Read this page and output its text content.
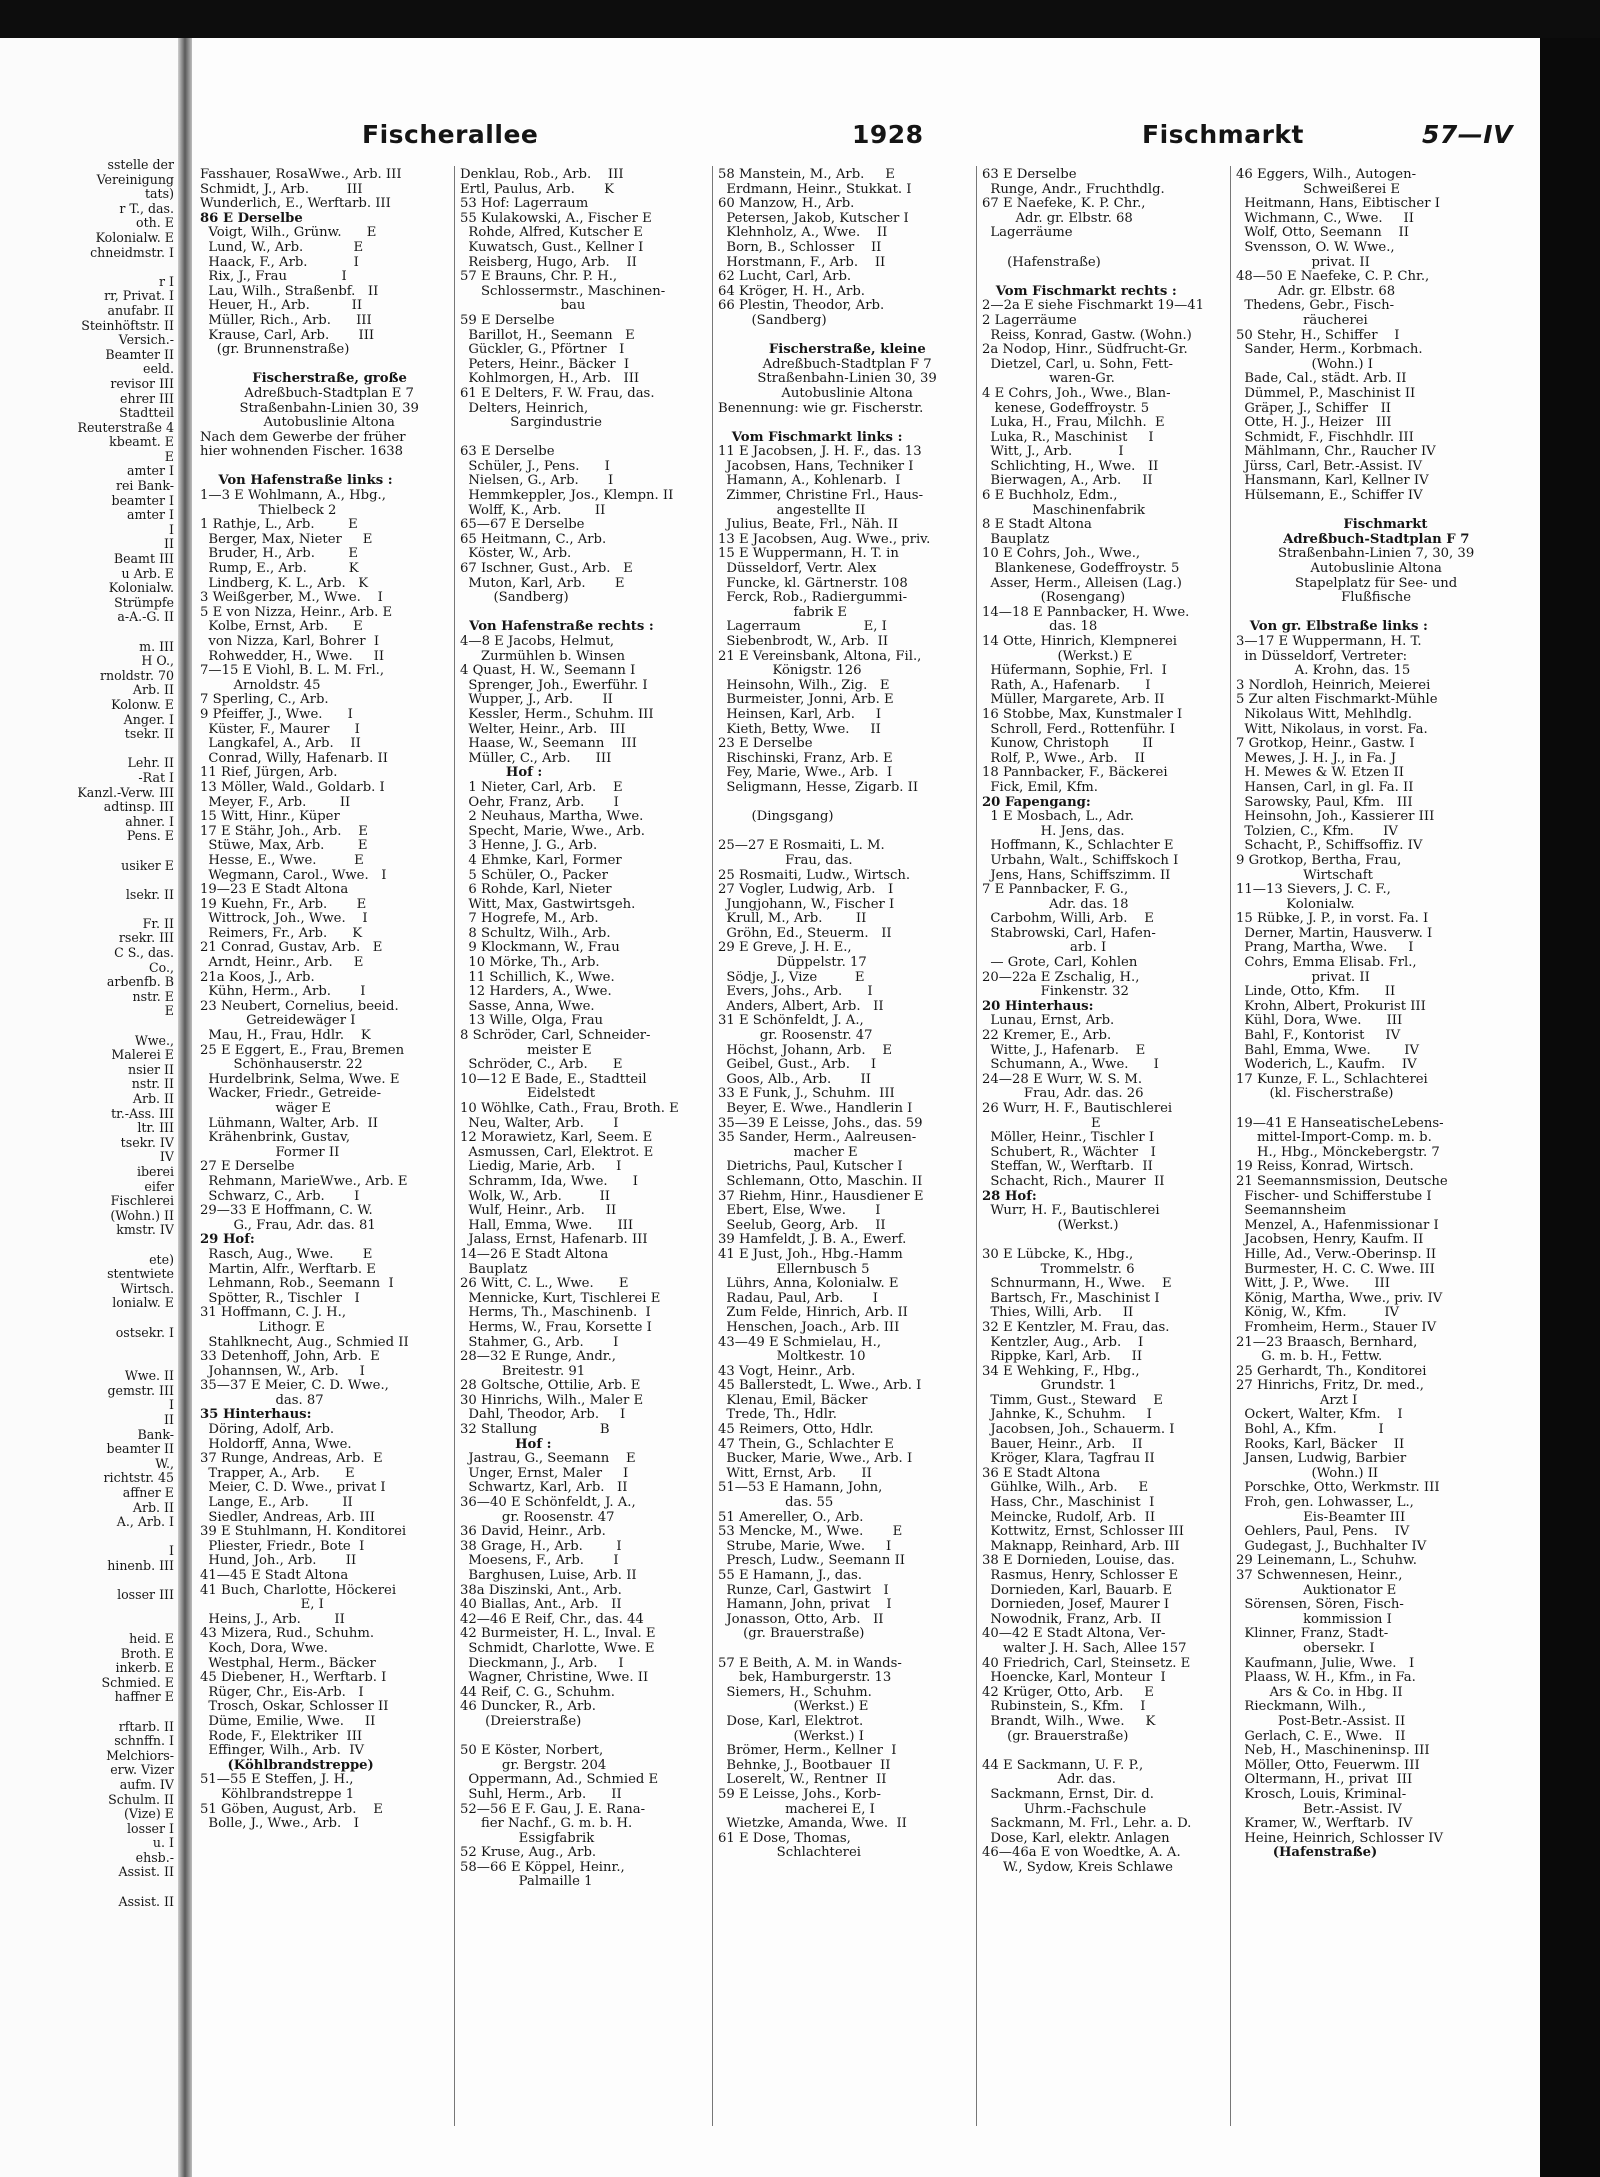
sstelle der
Vereinigung
tats)
r T., das.
oth. E
Kolonialw. E
chneidmstr. I
r I
rr, Privat. I
anufabr. II
Steinhöftstr. II
Versich.-
Beamter II
eeld.
revisor III
ehrer III
Stadtteil
Reuterstraße 4
kbeamt. E
E
amter I
rei Bank-
beamter I
amter I
I
II
Beamt III
u Arb. E
Kolonialw.
Strümpfe
a-A.-G. II
m. III
H O.,
rnoldstr. 70
Arb. II
Kolonw. E
Anger. I
tsekr. II
Lehr. II
-Rat I
Kanzl.-Verw. III
adtinsp. III
ahner. I
Pens. E
usiker E
lsekr. II
Fr. II
rsekr. III
C S., das.
Co.,
arbenfb. B
nstr. E
E
Wwe.,
Malerei E
nsier II
nstr. II
Arb. II
tr.-Ass. III
ltr. III
tsekr. IV
IV
iberei
eifer
Fischlerei
(Wohn.) II
kmstr. IV
ete)
stentwiete
Wirtsch.
lonialw. E
ostsekr. I
Wwe. II
gemstr. III
I
II
Bank-
beamter II
W.,
richtstr. 45
affner E
Arb. II
A., Arb. I
I
hinenb. III
losser III
heid. E
Broth. E
inkerb. E
Schmied. E
haffner E
rftarb. II
schnffn. I
Melchiors-
erw. Vizer
aufm. IV
Schulm. II
(Vize) E
losser I
u. I
ehsb.-
Assist. II
Assist. II
Fischerallee	1928	Fischmarkt	57—IV
Fasshauer, RosaWwe., Arb. III
Schmidt, J., Arb.         III
Wunderlich, E., Werftarb. III
86 E Derselbe
Voigt, Wilh., Grünw.      E
Lund, W., Arb.            E
Haack, F., Arb.           I
Rix, J., Frau             I
Lau, Wilh., Straßenbf.   II
Heuer, H., Arb.          II
Müller, Rich., Arb.      III
Krause, Carl, Arb.       III
(gr. Brunnenstraße)
Fischerstraße, große
Adreßbuch-Stadtplan E 7
Straßenbahn-Linien 30, 39
Autobuslinie Altona
Nach dem Gewerbe der früher
hier wohnenden Fischer. 1638
Von Hafenstraße links :
1—3 E Wohlmann, A., Hbg.,
Thielbeck 2
1 Rathje, L., Arb.        E
Berger, Max, Nieter     E
Bruder, H., Arb.        E
Rump, E., Arb.          K
Lindberg, K. L., Arb.   K
3 Weißgerber, M., Wwe.    I
5 E von Nizza, Heinr., Arb. E
Kolbe, Ernst, Arb.      E
von Nizza, Karl, Bohrer  I
Rohwedder, H., Wwe.     II
7—15 E Viohl, B. L. M. Frl.,
Arnoldstr. 45
7 Sperling, C., Arb.
9 Pfeiffer, J., Wwe.      I
Küster, F., Maurer      I
Langkafel, A., Arb.    II
Conrad, Willy, Hafenarb. II
11 Rief, Jürgen, Arb.
13 Möller, Wald., Goldarb. I
Meyer, F., Arb.        II
15 Witt, Hinr., Küper
17 E Stähr, Joh., Arb.    E
Stüwe, Max, Arb.        E
Hesse, E., Wwe.         E
Wegmann, Carol., Wwe.   I
19—23 E Stadt Altona
19 Kuehn, Fr., Arb.       E
Wittrock, Joh., Wwe.    I
Reimers, Fr., Arb.      K
21 Conrad, Gustav, Arb.   E
Arndt, Heinr., Arb.     E
21a Koos, J., Arb.
Kühn, Herm., Arb.       I
23 Neubert, Cornelius, beeid.
Getreidewäger I
Mau, H., Frau, Hdlr.    K
25 E Eggert, E., Frau, Bremen
Schönhauserstr. 22
Hurdelbrink, Selma, Wwe. E
Wacker, Friedr., Getreide-
wäger E
Lühmann, Walter, Arb.  II
Krähenbrink, Gustav,
Former II
27 E Derselbe
Rehmann, MarieWwe., Arb. E
Schwarz, C., Arb.       I
29—33 E Hoffmann, C. W.
G., Frau, Adr. das. 81
29 Hof:
Rasch, Aug., Wwe.       E
Martin, Alfr., Werftarb. E
Lehmann, Rob., Seemann  I
Spötter, R., Tischler   I
31 Hoffmann, C. J. H.,
Lithogr. E
Stahlknecht, Aug., Schmied II
33 Detenhoff, John, Arb.  E
Johannsen, W., Arb.     I
35—37 E Meier, C. D. Wwe.,
das. 87
35 Hinterhaus:
Döring, Adolf, Arb.
Holdorff, Anna, Wwe.
37 Runge, Andreas, Arb.  E
Trapper, A., Arb.      E
Meier, C. D. Wwe., privat I
Lange, E., Arb.        II
Siedler, Andreas, Arb. III
39 E Stuhlmann, H. Konditorei
Pliester, Friedr., Bote  I
Hund, Joh., Arb.       II
41—45 E Stadt Altona
41 Buch, Charlotte, Höckerei
E, I
Heins, J., Arb.        II
43 Mizera, Rud., Schuhm.
Koch, Dora, Wwe.
Westphal, Herm., Bäcker
45 Diebener, H., Werftarb. I
Rüger, Chr., Eis-Arb.   I
Trosch, Oskar, Schlosser II
Düme, Emilie, Wwe.     II
Rode, F., Elektriker  III
Effinger, Wilh., Arb.  IV
(Köhlbrandstreppe)
51—55 E Steffen, J. H.,
Köhlbrandstreppe 1
51 Göben, August, Arb.    E
Bolle, J., Wwe., Arb.   I
Denklau, Rob., Arb.    III
Ertl, Paulus, Arb.       K
53 Hof: Lagerraum
55 Kulakowski, A., Fischer E
Rohde, Alfred, Kutscher E
Kuwatsch, Gust., Kellner I
Reisberg, Hugo, Arb.    II
57 E Brauns, Chr. P. H.,
Schlossermstr., Maschinen-
bau
59 E Derselbe
Barillot, H., Seemann   E
Gückler, G., Pförtner   I
Peters, Heinr., Bäcker  I
Kohlmorgen, H., Arb.   III
61 E Delters, F. W. Frau, das.
Delters, Heinrich,
Sargindustrie
63 E Derselbe
Schüler, J., Pens.      I
Nielsen, G., Arb.       I
Hemmkeppler, Jos., Klempn. II
Wolff, K., Arb.        II
65—67 E Derselbe
65 Heitmann, C., Arb.
Köster, W., Arb.
67 Ischner, Gust., Arb.   E
Muton, Karl, Arb.       E
(Sandberg)
Von Hafenstraße rechts :
4—8 E Jacobs, Helmut,
Zurmühlen b. Winsen
4 Quast, H. W., Seemann I
Sprenger, Joh., Ewerführ. I
Wupper, J., Arb.       II
Kessler, Herm., Schuhm. III
Welter, Heinr., Arb.   III
Haase, W., Seemann    III
Müller, C., Arb.      III
Hof :
1 Nieter, Carl, Arb.    E
Oehr, Franz, Arb.       I
2 Neuhaus, Martha, Wwe.
Specht, Marie, Wwe., Arb.
3 Henne, J. G., Arb.
4 Ehmke, Karl, Former
5 Schüler, O., Packer
6 Rohde, Karl, Nieter
Witt, Max, Gastwirtsgeh.
7 Hogrefe, M., Arb.
8 Schultz, Wilh., Arb.
9 Klockmann, W., Frau
10 Mörke, Th., Arb.
11 Schillich, K., Wwe.
12 Harders, A., Wwe.
Sasse, Anna, Wwe.
13 Wille, Olga, Frau
8 Schröder, Carl, Schneider-
meister E
Schröder, C., Arb.      E
10—12 E Bade, E., Stadtteil
Eidelstedt
10 Wöhlke, Cath., Frau, Broth. E
Neu, Walter, Arb.       I
12 Morawietz, Karl, Seem. E
Asmussen, Carl, Elektrot. E
Liedig, Marie, Arb.     I
Schramm, Ida, Wwe.      I
Wolk, W., Arb.         II
Wulf, Heinr., Arb.     II
Hall, Emma, Wwe.      III
Jalass, Ernst, Hafenarb. III
14—26 E Stadt Altona
Bauplatz
26 Witt, C. L., Wwe.      E
Mennicke, Kurt, Tischlerei E
Herms, Th., Maschinenb.  I
Herms, W., Frau, Korsette I
Stahmer, G., Arb.       I
28—32 E Runge, Andr.,
Breitestr. 91
28 Goltsche, Ottilie, Arb. E
30 Hinrichs, Wilh., Maler E
Dahl, Theodor, Arb.     I
32 Stallung               B
Hof :
Jastrau, G., Seemann    E
Unger, Ernst, Maler     I
Schwartz, Karl, Arb.   II
36—40 E Schönfeldt, J. A.,
gr. Roosenstr. 47
36 David, Heinr., Arb.
38 Grage, H., Arb.        I
Moesens, F., Arb.       I
Barghusen, Luise, Arb. II
38a Diszinski, Ant., Arb.
40 Biallas, Ant., Arb.   II
42—46 E Reif, Chr., das. 44
42 Burmeister, H. L., Inval. E
Schmidt, Charlotte, Wwe. E
Dieckmann, J., Arb.     I
Wagner, Christine, Wwe. II
44 Reif, C. G., Schuhm.
46 Duncker, R., Arb.
(Dreierstraße)
50 E Köster, Norbert,
gr. Bergstr. 204
Oppermann, Ad., Schmied E
Suhl, Herm., Arb.      II
52—56 E F. Gau, J. E. Rana-
fier Nachf., G. m. b. H.
Essigfabrik
52 Kruse, Aug., Arb.
58—66 E Köppel, Heinr.,
Palmaille 1
58 Manstein, M., Arb.     E
Erdmann, Heinr., Stukkat. I
60 Manzow, H., Arb.
Petersen, Jakob, Kutscher I
Klehnholz, A., Wwe.    II
Born, B., Schlosser    II
Horstmann, F., Arb.    II
62 Lucht, Carl, Arb.
64 Kröger, H. H., Arb.
66 Plestin, Theodor, Arb.
(Sandberg)
Fischerstraße, kleine
Adreßbuch-Stadtplan F 7
Straßenbahn-Linien 30, 39
Autobuslinie Altona
Benennung: wie gr. Fischerstr.
Vom Fischmarkt links :
11 E Jacobsen, J. H. F., das. 13
Jacobsen, Hans, Techniker I
Hamann, A., Kohlenarb.  I
Zimmer, Christine Frl., Haus-
angestellte II
Julius, Beate, Frl., Näh. II
13 E Jacobsen, Aug. Wwe., priv.
15 E Wuppermann, H. T. in
Düsseldorf, Vertr. Alex
Funcke, kl. Gärtnerstr. 108
Ferck, Rob., Radiergummi-
fabrik E
Lagerraum               E, I
Siebenbrodt, W., Arb.  II
21 E Vereinsbank, Altona, Fil.,
Königstr. 126
Heinsohn, Wilh., Zig.   E
Burmeister, Jonni, Arb. E
Heinsen, Karl, Arb.     I
Kieth, Betty, Wwe.     II
23 E Derselbe
Rischinski, Franz, Arb. E
Fey, Marie, Wwe., Arb.  I
Seligmann, Hesse, Zigarb. II
(Dingsgang)
25—27 E Rosmaiti, L. M.
Frau, das.
25 Rosmaiti, Ludw., Wirtsch.
27 Vogler, Ludwig, Arb.   I
Jungjohann, W., Fischer I
Krull, M., Arb.        II
Gröhn, Ed., Steuerm.   II
29 E Greve, J. H. E.,
Düppelstr. 17
Södje, J., Vize         E
Evers, Johs., Arb.      I
Anders, Albert, Arb.   II
31 E Schönfeldt, J. A.,
gr. Roosenstr. 47
Höchst, Johann, Arb.    E
Geibel, Gust., Arb.     I
Goos, Alb., Arb.       II
33 E Funk, J., Schuhm.  III
Beyer, E. Wwe., Handlerin I
35—39 E Leisse, Johs., das. 59
35 Sander, Herm., Aalreusen-
macher E
Dietrichs, Paul, Kutscher I
Schlemann, Otto, Maschin. II
37 Riehm, Hinr., Hausdiener E
Ebert, Else, Wwe.       I
Seelub, Georg, Arb.    II
39 Hamfeldt, J. B. A., Ewerf.
41 E Just, Joh., Hbg.-Hamm
Ellernbusch 5
Lührs, Anna, Kolonialw. E
Radau, Paul, Arb.       I
Zum Felde, Hinrich, Arb. II
Henschen, Joach., Arb. III
43—49 E Schmielau, H.,
Moltkestr. 10
43 Vogt, Heinr., Arb.
45 Ballerstedt, L. Wwe., Arb. I
Klenau, Emil, Bäcker
Trede, Th., Hdlr.
45 Reimers, Otto, Hdlr.
47 Thein, G., Schlachter E
Bucker, Marie, Wwe., Arb. I
Witt, Ernst, Arb.      II
51—53 E Hamann, John,
das. 55
51 Amereller, O., Arb.
53 Mencke, M., Wwe.       E
Strube, Marie, Wwe.     I
Presch, Ludw., Seemann II
55 E Hamann, J., das.
Runze, Carl, Gastwirt   I
Hamann, John, privat    I
Jonasson, Otto, Arb.   II
(gr. Brauerstraße)
57 E Beith, A. M. in Wands-
bek, Hamburgerstr. 13
Siemers, H., Schuhm.
(Werkst.) E
Dose, Karl, Elektrot.
(Werkst.) I
Brömer, Herm., Kellner  I
Behnke, J., Bootbauer  II
Loserelt, W., Rentner  II
59 E Leisse, Johs., Korb-
macherei E, I
Wietzke, Amanda, Wwe.  II
61 E Dose, Thomas,
Schlachterei
63 E Derselbe
Runge, Andr., Fruchthdlg.
67 E Naefeke, K. P. Chr.,
Adr. gr. Elbstr. 68
Lagerräume
(Hafenstraße)
Vom Fischmarkt rechts :
2—2a E siehe Fischmarkt 19—41
2 Lagerräume
Reiss, Konrad, Gastw. (Wohn.)
2a Nodop, Hinr., Südfrucht-Gr.
Dietzel, Carl, u. Sohn, Fett-
waren-Gr.
4 E Cohrs, Joh., Wwe., Blan-
kenese, Godeffroystr. 5
Luka, H., Frau, Milchh.  E
Luka, R., Maschinist     I
Witt, J., Arb.           I
Schlichting, H., Wwe.   II
Bierwagen, A., Arb.     II
6 E Buchholz, Edm.,
Maschinenfabrik
8 E Stadt Altona
Bauplatz
10 E Cohrs, Joh., Wwe.,
Blankenese, Godeffroystr. 5
Asser, Herm., Alleisen (Lag.)
(Rosengang)
14—18 E Pannbacker, H. Wwe.
das. 18
14 Otte, Hinrich, Klempnerei
(Werkst.) E
Hüfermann, Sophie, Frl.  I
Rath, A., Hafenarb.      I
Müller, Margarete, Arb. II
16 Stobbe, Max, Kunstmaler I
Schroll, Ferd., Rottenführ. I
Kunow, Christoph        II
Rolf, P., Wwe., Arb.    II
18 Pannbacker, F., Bäckerei
Fick, Emil, Kfm.
20 Fapengang:
1 E Mosbach, L., Adr.
H. Jens, das.
Hoffmann, K., Schlachter E
Urbahn, Walt., Schiffskoch I
Jens, Hans, Schiffszimm. II
7 E Pannbacker, F. G.,
Adr. das. 18
Carbohm, Willi, Arb.    E
Stabrowski, Carl, Hafen-
arb. I
— Grote, Carl, Kohlen
20—22a E Zschalig, H.,
Finkenstr. 32
20 Hinterhaus:
Lunau, Ernst, Arb.
22 Kremer, E., Arb.
Witte, J., Hafenarb.    E
Schumann, A., Wwe.      I
24—28 E Wurr, W. S. M.
Frau, Adr. das. 26
26 Wurr, H. F., Bautischlerei
E
Möller, Heinr., Tischler I
Schubert, R., Wächter   I
Steffan, W., Werftarb.  II
Schacht, Rich., Maurer  II
28 Hof:
Wurr, H. F., Bautischlerei
(Werkst.)
30 E Lübcke, K., Hbg.,
Trommelstr. 6
Schnurmann, H., Wwe.    E
Bartsch, Fr., Maschinist I
Thies, Willi, Arb.     II
32 E Kentzler, M. Frau, das.
Kentzler, Aug., Arb.    I
Rippke, Karl, Arb.     II
34 E Wehking, F., Hbg.,
Grundstr. 1
Timm, Gust., Steward    E
Jahnke, K., Schuhm.     I
Jacobsen, Joh., Schauerm. I
Bauer, Heinr., Arb.    II
Kröger, Klara, Tagfrau II
36 E Stadt Altona
Gühlke, Wilh., Arb.     E
Hass, Chr., Maschinist  I
Meincke, Rudolf, Arb.  II
Kottwitz, Ernst, Schlosser III
Maknapp, Reinhard, Arb. III
38 E Dornieden, Louise, das.
Rasmus, Henry, Schlosser E
Dornieden, Karl, Bauarb. E
Dornieden, Josef, Maurer I
Nowodnik, Franz, Arb.  II
40—42 E Stadt Altona, Ver-
walter J. H. Sach, Allee 157
40 Friedrich, Carl, Steinsetz. E
Hoencke, Karl, Monteur  I
42 Krüger, Otto, Arb.     E
Rubinstein, S., Kfm.    I
Brandt, Wilh., Wwe.     K
(gr. Brauerstraße)
44 E Sackmann, U. F. P.,
Adr. das.
Sackmann, Ernst, Dir. d.
Uhrm.-Fachschule
Sackmann, M. Frl., Lehr. a. D.
Dose, Karl, elektr. Anlagen
46—46a E von Woedtke, A. A.
W., Sydow, Kreis Schlawe
46 Eggers, Wilh., Autogen-
Schweißerei E
Heitmann, Hans, Eibtischer I
Wichmann, C., Wwe.     II
Wolf, Otto, Seemann    II
Svensson, O. W. Wwe.,
privat. II
48—50 E Naefeke, C. P. Chr.,
Adr. gr. Elbstr. 68
Thedens, Gebr., Fisch-
räucherei
50 Stehr, H., Schiffer    I
Sander, Herm., Korbmach.
(Wohn.) I
Bade, Cal., städt. Arb. II
Dümmel, P., Maschinist II
Gräper, J., Schiffer   II
Otte, H. J., Heizer   III
Schmidt, F., Fischhdlr. III
Mählmann, Chr., Raucher IV
Jürss, Carl, Betr.-Assist. IV
Hansmann, Karl, Kellner IV
Hülsemann, E., Schiffer IV
Fischmarkt
Adreßbuch-Stadtplan F 7
Straßenbahn-Linien 7, 30, 39
Autobuslinie Altona
Stapelplatz für See- und
Flußfische
Von gr. Elbstraße links :
3—17 E Wuppermann, H. T.
in Düsseldorf, Vertreter:
A. Krohn, das. 15
3 Nordloh, Heinrich, Meierei
5 Zur alten Fischmarkt-Mühle
Nikolaus Witt, Mehlhdlg.
Witt, Nikolaus, in vorst. Fa.
7 Grotkop, Heinr., Gastw. I
Mewes, J. H. J., in Fa. J
H. Mewes & W. Etzen II
Hansen, Carl, in gl. Fa. II
Sarowsky, Paul, Kfm.   III
Heinsohn, Joh., Kassierer III
Tolzien, C., Kfm.       IV
Schacht, P., Schiffsoffiz. IV
9 Grotkop, Bertha, Frau,
Wirtschaft
11—13 Sievers, J. C. F.,
Kolonialw.
15 Rübke, J. P., in vorst. Fa. I
Derner, Martin, Hausverw. I
Prang, Martha, Wwe.     I
Cohrs, Emma Elisab. Frl.,
privat. II
Linde, Otto, Kfm.      II
Krohn, Albert, Prokurist III
Kühl, Dora, Wwe.      III
Bahl, F., Kontorist     IV
Bahl, Emma, Wwe.        IV
Woderich, L., Kaufm.    IV
17 Kunze, F. L., Schlachterei
(kl. Fischerstraße)
19—41 E HanseatischeLebens-
mittel-Import-Comp. m. b.
H., Hbg., Mönckebergstr. 7
19 Reiss, Konrad, Wirtsch.
21 Seemannsmission, Deutsche
Fischer- und Schifferstube I
Seemannsheim
Menzel, A., Hafenmissionar I
Jacobsen, Henry, Kaufm. II
Hille, Ad., Verw.-Oberinsp. II
Burmester, H. C. C. Wwe. III
Witt, J. P., Wwe.      III
König, Martha, Wwe., priv. IV
König, W., Kfm.         IV
Fromheim, Herm., Stauer IV
21—23 Braasch, Bernhard,
G. m. b. H., Fettw.
25 Gerhardt, Th., Konditorei
27 Hinrichs, Fritz, Dr. med.,
Arzt I
Ockert, Walter, Kfm.    I
Bohl, A., Kfm.          I
Rooks, Karl, Bäcker    II
Jansen, Ludwig, Barbier
(Wohn.) II
Porschke, Otto, Werkmstr. III
Froh, gen. Lohwasser, L.,
Eis-Beamter III
Oehlers, Paul, Pens.    IV
Gudegast, J., Buchhalter IV
29 Leinemann, L., Schuhw.
37 Schwennesen, Heinr.,
Auktionator E
Sörensen, Sören, Fisch-
kommission I
Klinner, Franz, Stadt-
obersekr. I
Kaufmann, Julie, Wwe.   I
Plaass, W. H., Kfm., in Fa.
Ars & Co. in Hbg. II
Rieckmann, Wilh.,
Post-Betr.-Assist. II
Gerlach, C. E., Wwe.   II
Neb, H., Maschineninsp. III
Möller, Otto, Feuerwm. III
Oltermann, H., privat  III
Krosch, Louis, Kriminal-
Betr.-Assist. IV
Kramer, W., Werftarb.  IV
Heine, Heinrich, Schlosser IV
(Hafenstraße)
